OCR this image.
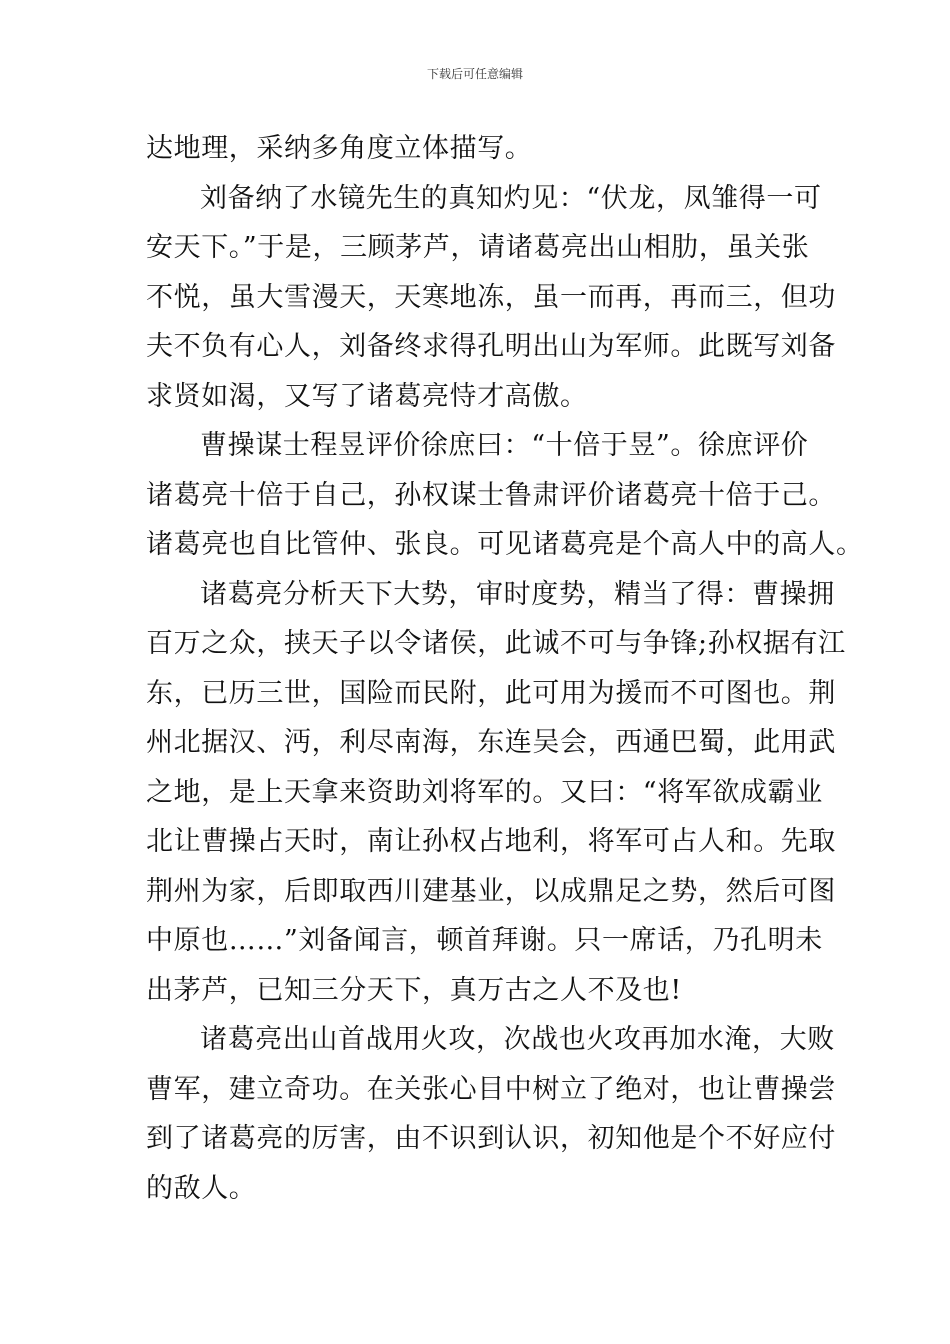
下载后可任意编辑
达地理，采纳多角度立体描写。
刘备纳了水镜先生的真知灼见：“伏龙，凤雏得一可
安天下。”于是，三顾茅芦，请诸葛亮出山相肋，虽关张
不悦，虽大雪漫天，天寒地冻，虽一而再，再而三，但功
夫不负有心人，刘备终求得孔明出山为军师。此既写刘备
求贤如渴，又写了诸葛亮恃才高傲。
曹操谋士程昱评价徐庶曰：“十倍于昱”。徐庶评价
诸葛亮十倍于自己，孙权谋士鲁肃评价诸葛亮十倍于己。
诸葛亮也自比管仲、张良。可见诸葛亮是个高人中的高人。
诸葛亮分析天下大势，审时度势，精当了得：曹操拥
百万之众，挟天子以令诸侯，此诚不可与争锋;孙权据有江
东，已历三世，国险而民附，此可用为援而不可图也。荆
州北据汉、沔，利尽南海，东连吴会，西通巴蜀，此用武
之地，是上天拿来资助刘将军的。又曰：“将军欲成霸业
北让曹操占天时，南让孙权占地利，将军可占人和。先取
荆州为家，后即取西川建基业，以成鼎足之势，然后可图
中原也……”刘备闻言，顿首拜谢。只一席话，乃孔明未
出茅芦，已知三分天下，真万古之人不及也!
诸葛亮出山首战用火攻，次战也火攻再加水淹，大败
曹军，建立奇功。在关张心目中树立了绝对，也让曹操尝
到了诸葛亮的厉害，由不识到认识，初知他是个不好应付
的敌人。
